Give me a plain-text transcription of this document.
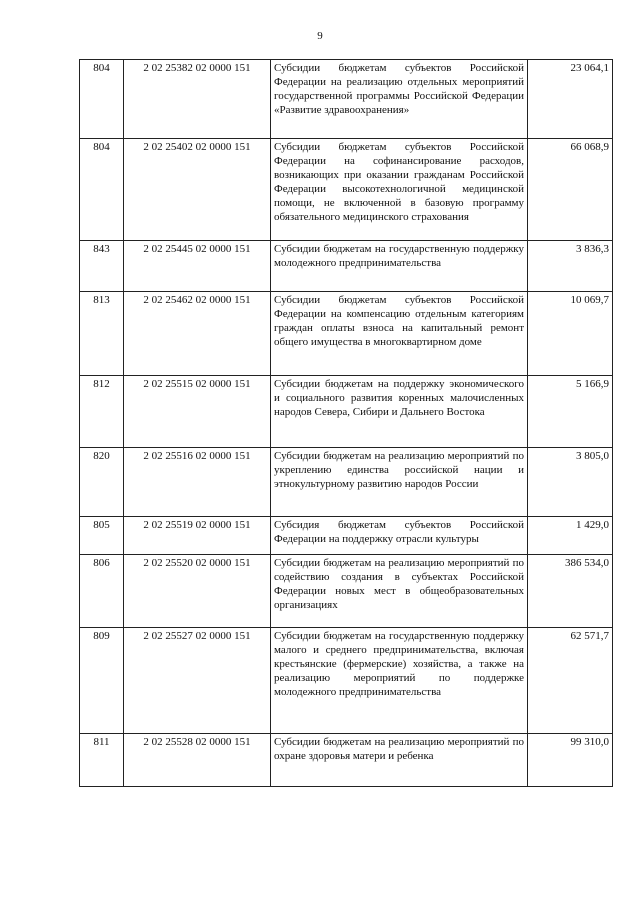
9
804	2 02 25382 02 0000 151	Субсидии бюджетам субъектов Российской Федерации на реализацию отдельных мероприятий государственной программы Российской Федерации «Развитие здравоохранения»	23 064,1
804	2 02 25402 02 0000 151	Субсидии бюджетам субъектов Российской Федерации на софинансирование расходов, возникающих при оказании гражданам Российской Федерации высокотехнологичной медицинской помощи, не включенной в базовую программу обязательного медицинского страхования	66 068,9
843	2 02 25445 02 0000 151	Субсидии бюджетам на государственную поддержку молодежного предпринимательства	3 836,3
813	2 02 25462 02 0000 151	Субсидии бюджетам субъектов Российской Федерации на компенсацию отдельным категориям граждан оплаты взноса на капитальный ремонт общего имущества в многоквартирном доме	10 069,7
812	2 02 25515 02 0000 151	Субсидии бюджетам на поддержку экономического и социального развития коренных малочисленных народов Севера, Сибири и Дальнего Востока	5 166,9
820	2 02 25516 02 0000 151	Субсидии бюджетам на реализацию мероприятий по укреплению единства российской нации и этнокультурному развитию народов России	3 805,0
805	2 02 25519 02 0000 151	Субсидия бюджетам субъектов Российской Федерации на поддержку отрасли культуры	1 429,0
806	2 02 25520 02 0000 151	Субсидии бюджетам на реализацию мероприятий по содействию создания в субъектах Российской Федерации новых мест в общеобразовательных организациях	386 534,0
809	2 02 25527 02 0000 151	Субсидии бюджетам на государственную поддержку малого и среднего предпринимательства, включая крестьянские (фермерские) хозяйства, а также на реализацию мероприятий по поддержке молодежного предпринимательства	62 571,7
811	2 02 25528 02 0000 151	Субсидии бюджетам на реализацию мероприятий по охране здоровья матери и ребенка	99 310,0
